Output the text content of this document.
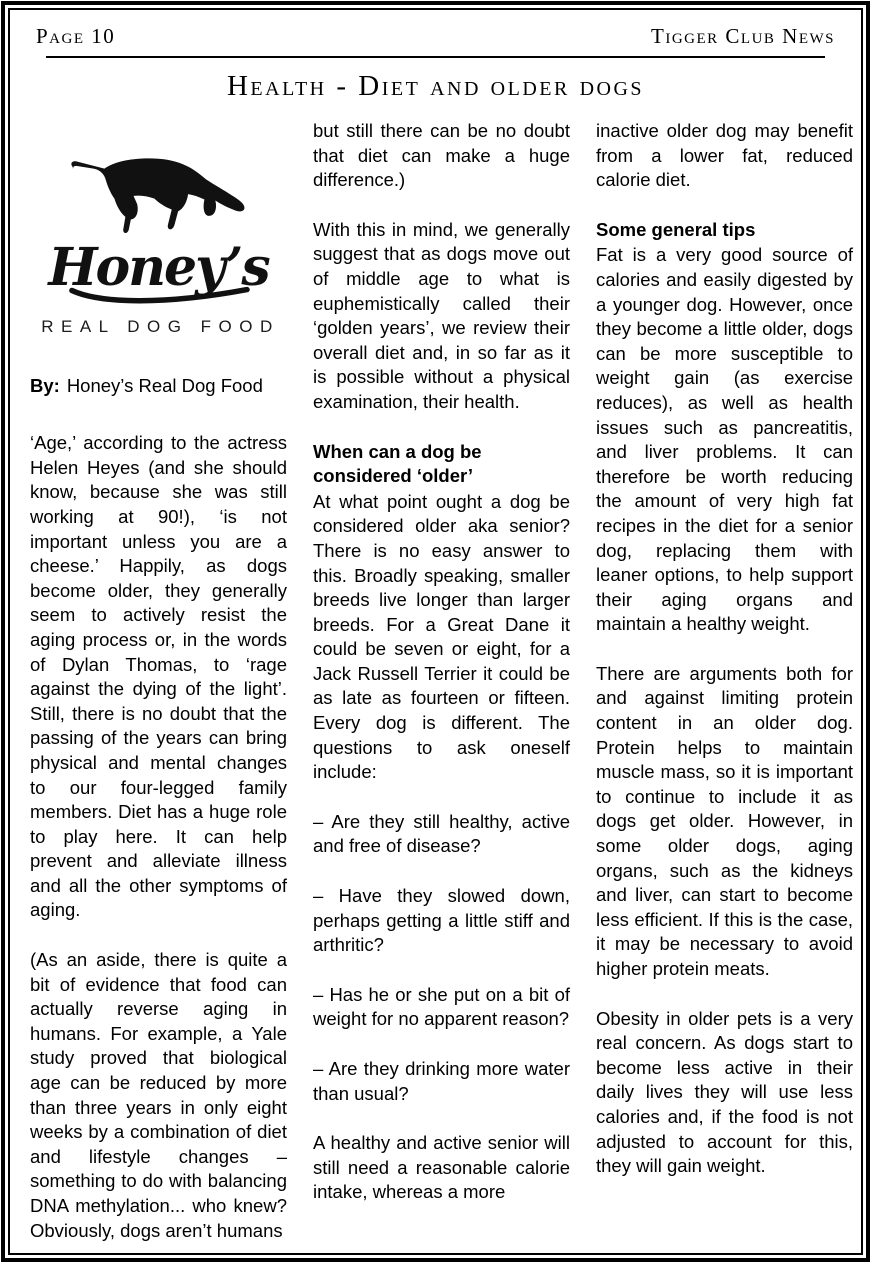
Page 10	Tigger Club News
Health - Diet and older dogs
Honey’s
REAL DOG FOOD
By: Honey’s Real Dog Food
‘Age,’ according to the actress Helen Heyes (and she should know, because she was still working at 90!), ‘is not important unless you are a cheese.’ Happily, as dogs become older, they generally seem to actively resist the aging process or, in the words of Dylan Thomas, to ‘rage against the dying of the light’. Still, there is no doubt that the passing of the years can bring physical and mental changes to our four-legged family members. Diet has a huge role to play here. It can help prevent and alleviate illness and all the other symptoms of aging.
(As an aside, there is quite a bit of evidence that food can actually reverse aging in humans. For example, a Yale study proved that biological age can be reduced by more than three years in only eight weeks by a combination of diet and lifestyle changes – something to do with balancing DNA methylation... who knew? Obviously, dogs aren’t humans
but still there can be no doubt that diet can make a huge difference.)
With this in mind, we generally suggest that as dogs move out of middle age to what is euphemistically called their ‘golden years’, we review their overall diet and, in so far as it is possible without a physical examination, their health.
When can a dog be considered ‘older’
At what point ought a dog be considered older aka senior? There is no easy answer to this. Broadly speaking, smaller breeds live longer than larger breeds. For a Great Dane it could be seven or eight, for a Jack Russell Terrier it could be as late as fourteen or fifteen. Every dog is different. The questions to ask oneself include:
– Are they still healthy, active and free of disease?
– Have they slowed down, perhaps getting a little stiff and arthritic?
– Has he or she put on a bit of weight for no apparent reason?
– Are they drinking more water than usual?
A healthy and active senior will still need a reasonable calorie intake, whereas a more
inactive older dog may benefit from a lower fat, reduced calorie diet.
Some general tips
Fat is a very good source of calories and easily digested by a younger dog. However, once they become a little older, dogs can be more susceptible to weight gain (as exercise reduces), as well as health issues such as pancreatitis, and liver problems. It can therefore be worth reducing the amount of very high fat recipes in the diet for a senior dog, replacing them with leaner options, to help support their aging organs and maintain a healthy weight.
There are arguments both for and against limiting protein content in an older dog. Protein helps to maintain muscle mass, so it is important to continue to include it as dogs get older. However, in some older dogs, aging organs, such as the kidneys and liver, can start to become less efficient. If this is the case, it may be necessary to avoid higher protein meats.
Obesity in older pets is a very real concern. As dogs start to become less active in their daily lives they will use less calories and, if the food is not adjusted to account for this, they will gain weight.
